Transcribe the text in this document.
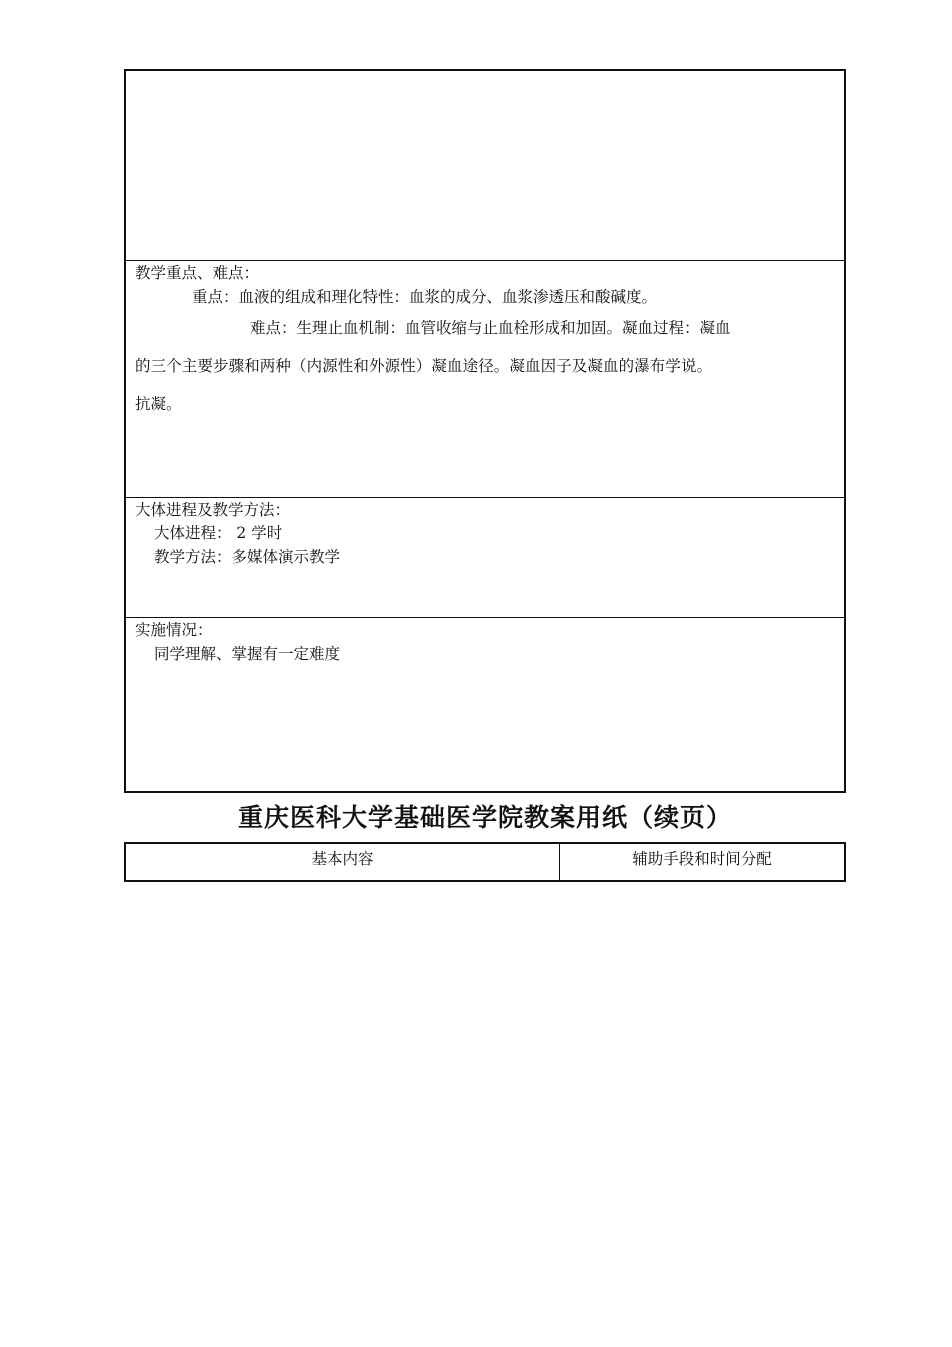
教学重点、难点：
重点：血液的组成和理化特性：血浆的成分、血浆渗透压和酸碱度。
难点：生理止血机制：血管收缩与止血栓形成和加固。凝血过程：凝血
的三个主要步骤和两种（内源性和外源性）凝血途径。凝血因子及凝血的瀑布学说。
抗凝。
大体进程及教学方法：
大体进程： 2 学时
教学方法：多媒体演示教学
实施情况：
同学理解、掌握有一定难度
重庆医科大学基础医学院教案用纸（续页）
基本内容	辅助手段和时间分配
